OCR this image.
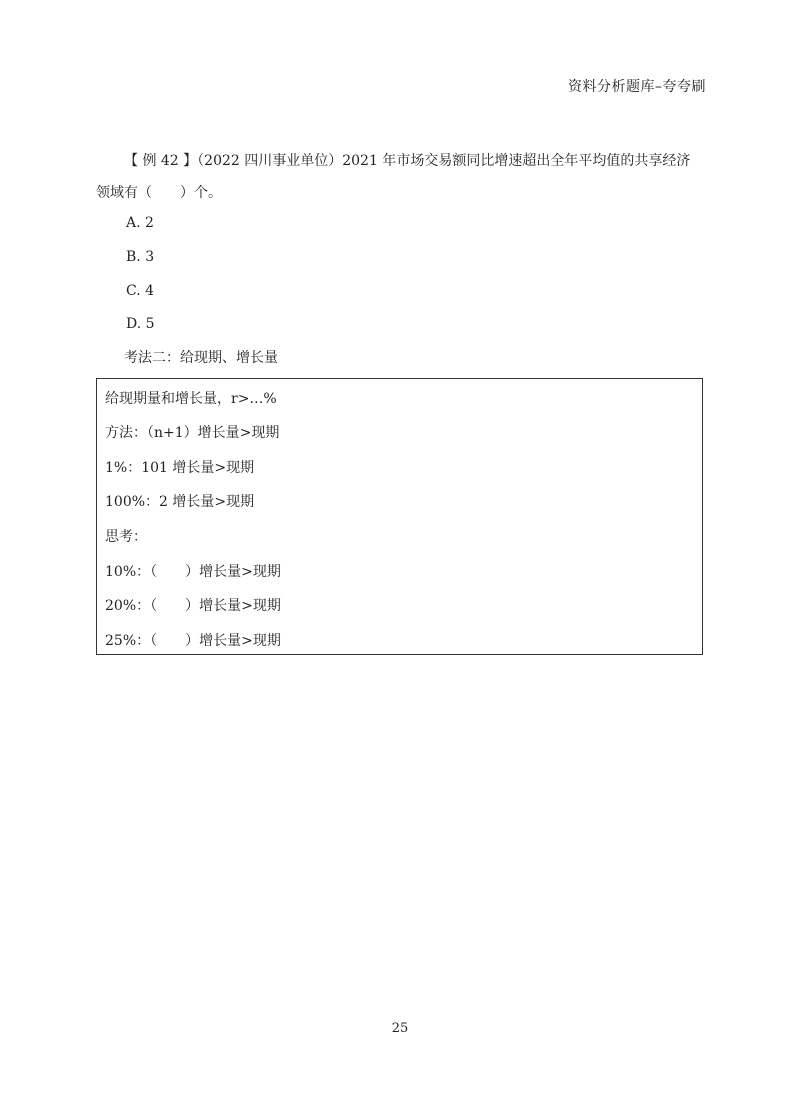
资料分析题库–夸夸刷
【 例 42 】（2022 四川事业单位）2021 年市场交易额同比增速超出全年平均值的共享经济
领域有（　　）个。
A. 2
B. 3
C. 4
D. 5
考法二：给现期、增长量
给现期量和增长量，r>…%
方法：（n+1）增长量>现期
1%：101 增长量>现期
100%：2 增长量>现期
思考：
10%：（　　）增长量>现期
20%：（　　）增长量>现期
25%：（　　）增长量>现期
25
